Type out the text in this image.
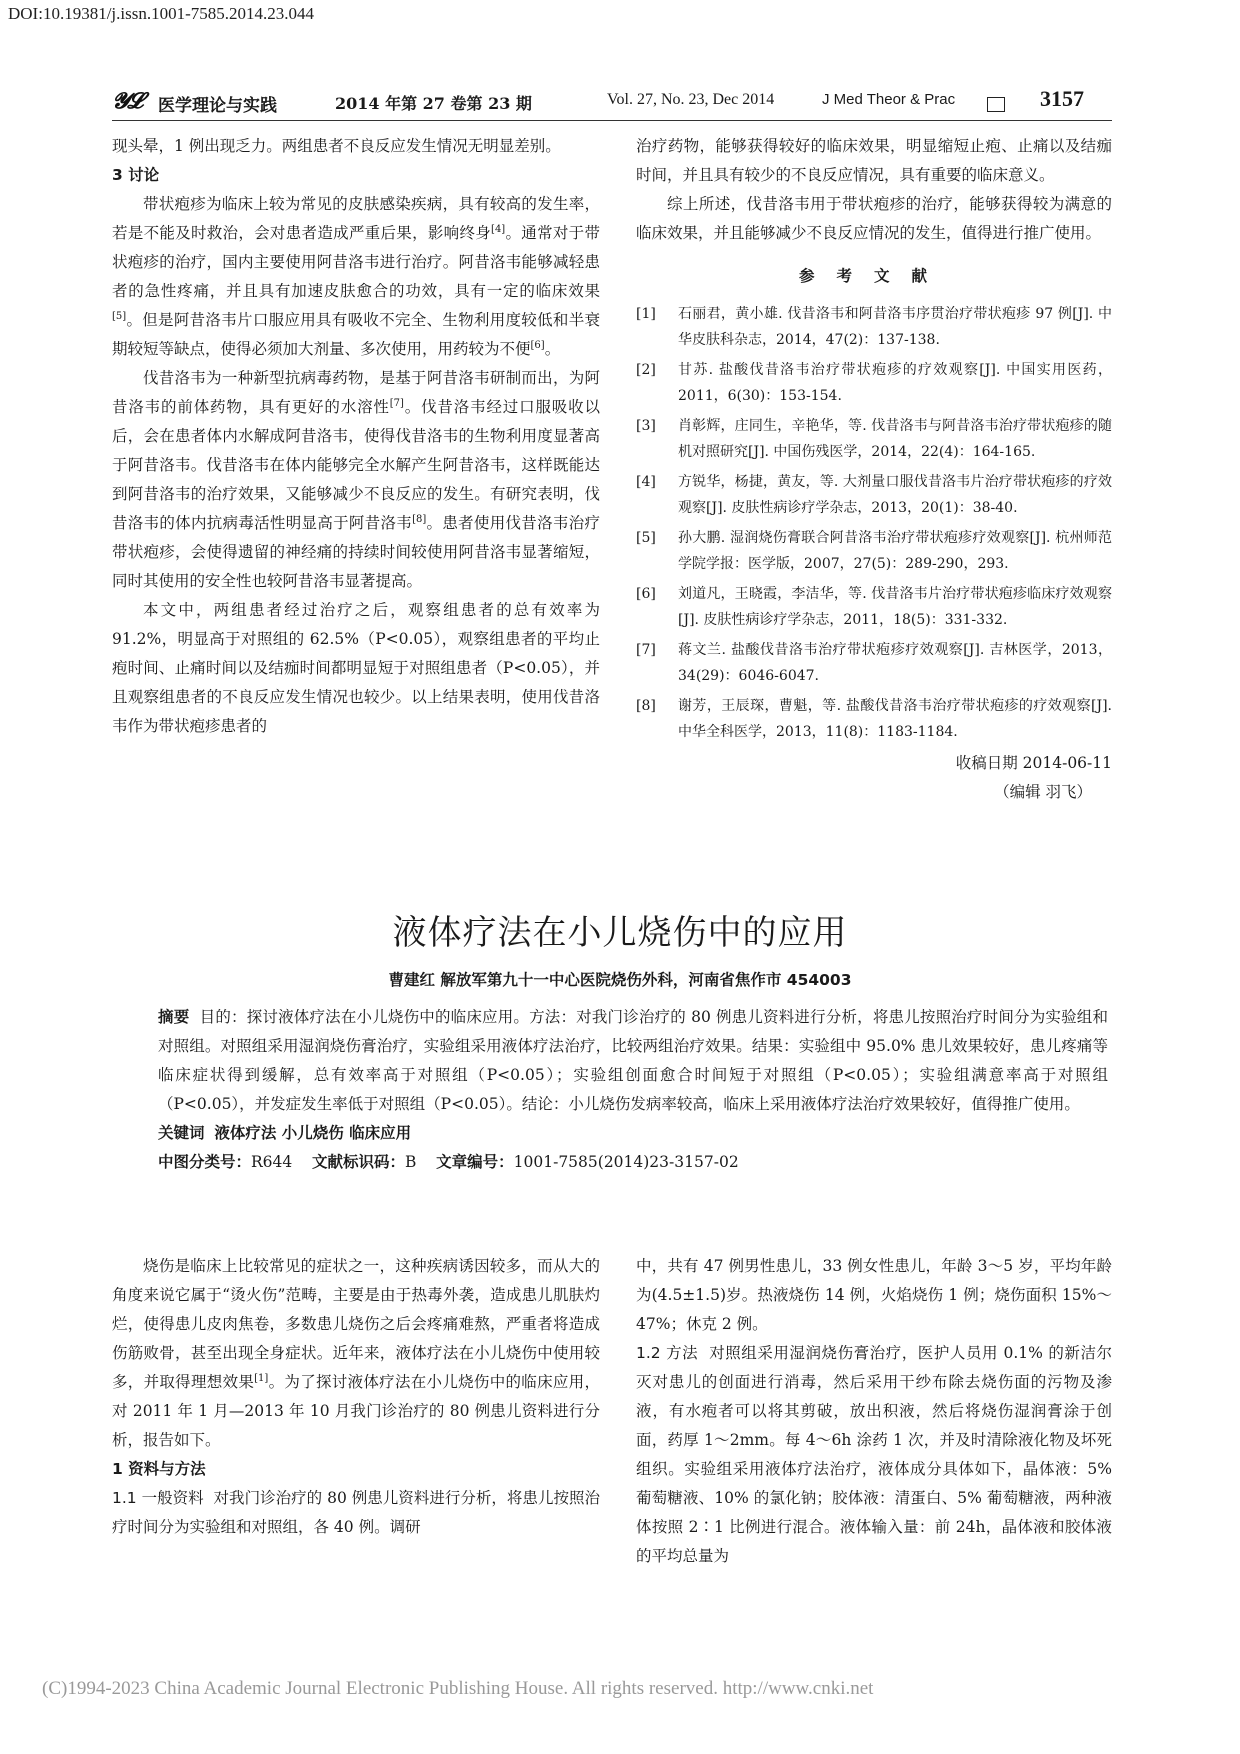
DOI:10.19381/j.issn.1001-7585.2014.23.044
𝓨𝓛 医学理论与实践	2014 年第 27 卷第 23 期	Vol. 27, No. 23, Dec 2014	J Med Theor & Prac	3157

现头晕，1 例出现乏力。两组患者不良反应发生情况无明显差别。

3 讨论

带状疱疹为临床上较为常见的皮肤感染疾病，具有较高的发生率，若是不能及时救治，会对患者造成严重后果，影响终身[4]。通常对于带状疱疹的治疗，国内主要使用阿昔洛韦进行治疗。阿昔洛韦能够减轻患者的急性疼痛，并且具有加速皮肤愈合的功效，具有一定的临床效果[5]。但是阿昔洛韦片口服应用具有吸收不完全、生物利用度较低和半衰期较短等缺点，使得必须加大剂量、多次使用，用药较为不便[6]。

伐昔洛韦为一种新型抗病毒药物，是基于阿昔洛韦研制而出，为阿昔洛韦的前体药物，具有更好的水溶性[7]。伐昔洛韦经过口服吸收以后，会在患者体内水解成阿昔洛韦，使得伐昔洛韦的生物利用度显著高于阿昔洛韦。伐昔洛韦在体内能够完全水解产生阿昔洛韦，这样既能达到阿昔洛韦的治疗效果，又能够减少不良反应的发生。有研究表明，伐昔洛韦的体内抗病毒活性明显高于阿昔洛韦[8]。患者使用伐昔洛韦治疗带状疱疹，会使得遗留的神经痛的持续时间较使用阿昔洛韦显著缩短，同时其使用的安全性也较阿昔洛韦显著提高。

本文中，两组患者经过治疗之后，观察组患者的总有效率为 91.2%，明显高于对照组的 62.5%（P<0.05），观察组患者的平均止疱时间、止痛时间以及结痂时间都明显短于对照组患者（P<0.05），并且观察组患者的不良反应发生情况也较少。以上结果表明，使用伐昔洛韦作为带状疱疹患者的

治疗药物，能够获得较好的临床效果，明显缩短止疱、止痛以及结痂时间，并且具有较少的不良反应情况，具有重要的临床意义。

综上所述，伐昔洛韦用于带状疱疹的治疗，能够获得较为满意的临床效果，并且能够减少不良反应情况的发生，值得进行推广使用。

参考文献
[1]	石丽君，黄小雄. 伐昔洛韦和阿昔洛韦序贯治疗带状疱疹 97 例[J]. 中华皮肤科杂志，2014，47(2)：137-138.
[2]	甘苏. 盐酸伐昔洛韦治疗带状疱疹的疗效观察[J]. 中国实用医药，2011，6(30)：153-154.
[3]	肖彰辉，庄同生，辛艳华，等. 伐昔洛韦与阿昔洛韦治疗带状疱疹的随机对照研究[J]. 中国伤残医学，2014，22(4)：164-165.
[4]	方锐华，杨捷，黄友，等. 大剂量口服伐昔洛韦片治疗带状疱疹的疗效观察[J]. 皮肤性病诊疗学杂志，2013，20(1)：38-40.
[5]	孙大鹏. 湿润烧伤膏联合阿昔洛韦治疗带状疱疹疗效观察[J]. 杭州师范学院学报：医学版，2007，27(5)：289-290，293.
[6]	刘道凡，王晓霞，李洁华，等. 伐昔洛韦片治疗带状疱疹临床疗效观察[J]. 皮肤性病诊疗学杂志，2011，18(5)：331-332.
[7]	蒋文兰. 盐酸伐昔洛韦治疗带状疱疹疗效观察[J]. 吉林医学，2013，34(29)：6046-6047.
[8]	谢芳，王辰琛，曹魁，等. 盐酸伐昔洛韦治疗带状疱疹的疗效观察[J]. 中华全科医学，2013，11(8)：1183-1184.

收稿日期 2014-06-11

（编辑 羽飞）

液体疗法在小儿烧伤中的应用
曹建红 解放军第九十一中心医院烧伤外科，河南省焦作市 454003

摘要 目的：探讨液体疗法在小儿烧伤中的临床应用。方法：对我门诊治疗的 80 例患儿资料进行分析，将患儿按照治疗时间分为实验组和对照组。对照组采用湿润烧伤膏治疗，实验组采用液体疗法治疗，比较两组治疗效果。结果：实验组中 95.0% 患儿效果较好，患儿疼痛等临床症状得到缓解，总有效率高于对照组（P<0.05）；实验组创面愈合时间短于对照组（P<0.05）；实验组满意率高于对照组（P<0.05），并发症发生率低于对照组（P<0.05）。结论：小儿烧伤发病率较高，临床上采用液体疗法治疗效果较好，值得推广使用。

关键词 液体疗法 小儿烧伤 临床应用

中图分类号：R644 文献标识码：B 文章编号：1001-7585(2014)23-3157-02

烧伤是临床上比较常见的症状之一，这种疾病诱因较多，而从大的角度来说它属于“烫火伤”范畴，主要是由于热毒外袭，造成患儿肌肤灼烂，使得患儿皮肉焦卷，多数患儿烧伤之后会疼痛难熬，严重者将造成伤筋败骨，甚至出现全身症状。近年来，液体疗法在小儿烧伤中使用较多，并取得理想效果[1]。为了探讨液体疗法在小儿烧伤中的临床应用，对 2011 年 1 月—2013 年 10 月我门诊治疗的 80 例患儿资料进行分析，报告如下。

1 资料与方法

1.1 一般资料 对我门诊治疗的 80 例患儿资料进行分析，将患儿按照治疗时间分为实验组和对照组，各 40 例。调研

中，共有 47 例男性患儿，33 例女性患儿，年龄 3～5 岁，平均年龄为(4.5±1.5)岁。热液烧伤 14 例，火焰烧伤 1 例；烧伤面积 15%～47%；休克 2 例。

1.2 方法 对照组采用湿润烧伤膏治疗，医护人员用 0.1% 的新洁尔灭对患儿的创面进行消毒，然后采用干纱布除去烧伤面的污物及渗液，有水疱者可以将其剪破，放出积液，然后将烧伤湿润膏涂于创面，药厚 1～2mm。每 4～6h 涂药 1 次，并及时清除液化物及坏死组织。实验组采用液体疗法治疗，液体成分具体如下，晶体液：5% 葡萄糖液、10% 的氯化钠；胶体液：清蛋白、5% 葡萄糖液，两种液体按照 2∶1 比例进行混合。液体输入量：前 24h，晶体液和胶体液的平均总量为

(C)1994-2023 China Academic Journal Electronic Publishing House. All rights reserved. http://www.cnki.net
